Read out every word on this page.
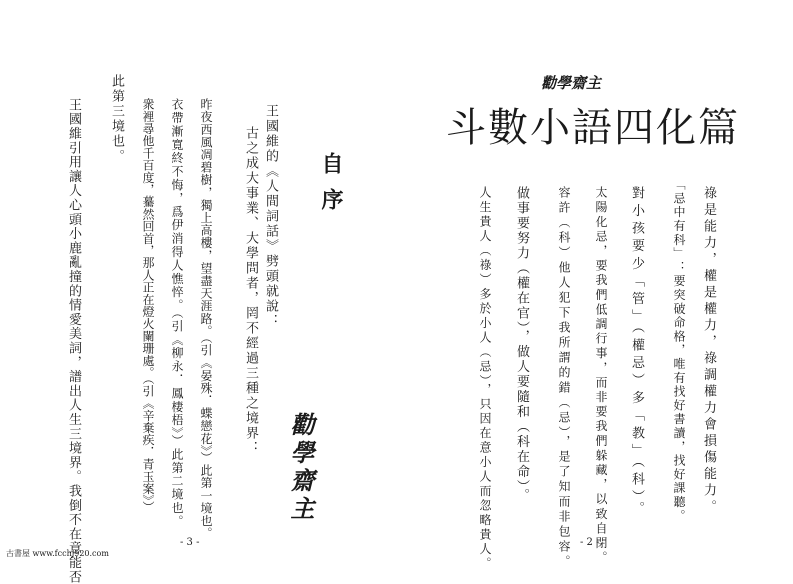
自序
勸學齋主
王國維的《人間詞話》劈頭就說：
古之成大事業、大學問者，罔不經過三種之境界：
昨夜西風凋碧樹，獨上高樓，望盡天涯路。（引《晏殊．蝶戀花》）此第一境也。
衣帶漸寬終不悔，爲伊消得人憔悴。（引《柳永．鳳棲梧》）此第二境也。
衆裡尋他千百度，驀然回首，那人正在燈火闌珊處。（引《辛棄疾．青玉案》）
此第三境也。
王國維引用讓人心頭小鹿亂撞的情愛美詞，譜出人生三境界。我倒不在意能否	- 3 -
古書屋 www.fcchj920.com
勸學齋主
斗數小語四化篇
祿是能力，權是權力，祿調權力會損傷能力。
「忌中有科」：要突破命格，唯有找好書讀，找好課聽。
對小孩要少「管」（權忌）多「教」（科）。
太陽化忌，要我們低調行事，而非要我們躲藏，以致自閉。
容許（科）他人犯下我所謂的錯（忌），是了知而非包容。
做事要努力（權在官），做人要隨和（科在命）。
人生貴人（祿）多於小人（忌），只因在意小人而忽略貴人。	- 2 -
